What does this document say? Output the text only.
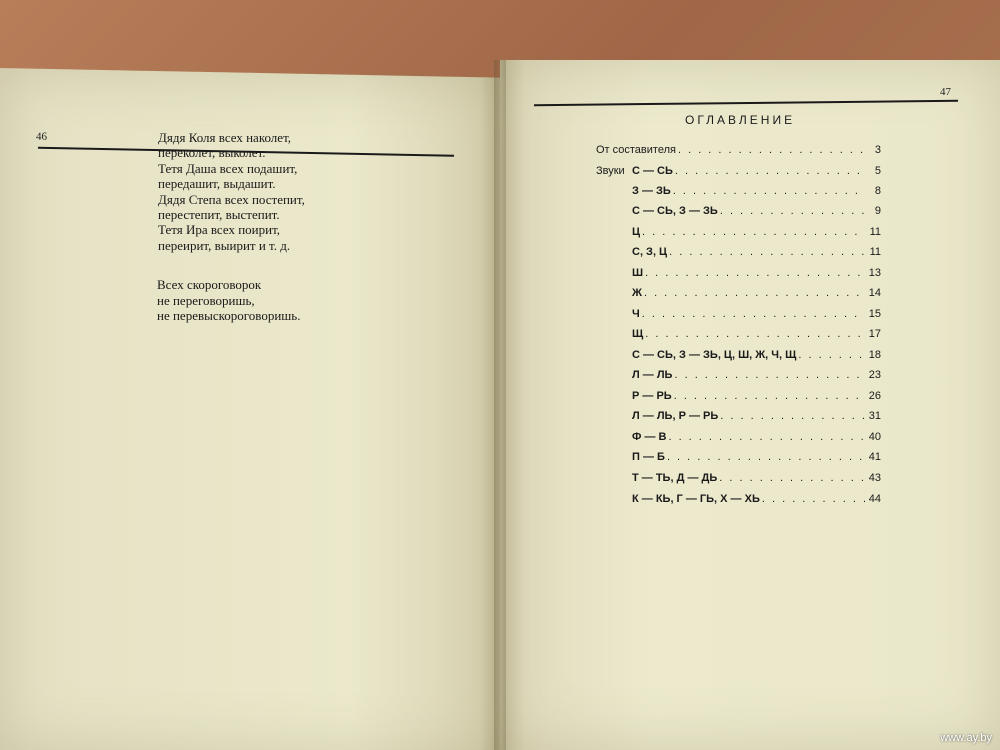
46
47
Дядя Коля всех наколет,
переколет, выколет.
Тетя Даша всех подашит,
передашит, выдашит.
Дядя Степа всех постепит,
перестепит, выстепит.
Тетя Ира всех поирит,
переирит, выирит и т. д.
Всех скороговорок
не переговоришь,
не перевыскороговоришь.
ОГЛАВЛЕНИЕ
От составителя . . .	3
Звуки С — СЬ . . .	5
З — ЗЬ . . .	8
С — СЬ, З — ЗЬ . . .	9
Ц . . .	11
С, З, Ц . . .	11
Ш . . .	13
Ж . . .	14
Ч . . .	15
Щ . . .	17
С — СЬ, З — ЗЬ, Ц, Ш, Ж, Ч, Щ . . .	18
Л — ЛЬ . . .	23
Р — РЬ . . .	26
Л — ЛЬ, Р — РЬ . . .	31
Ф — В . . .	40
П — Б . . .	41
Т — ТЬ, Д — ДЬ . . .	43
К — КЬ, Г — ГЬ, Х — ХЬ . . .	44
www.ay.by
